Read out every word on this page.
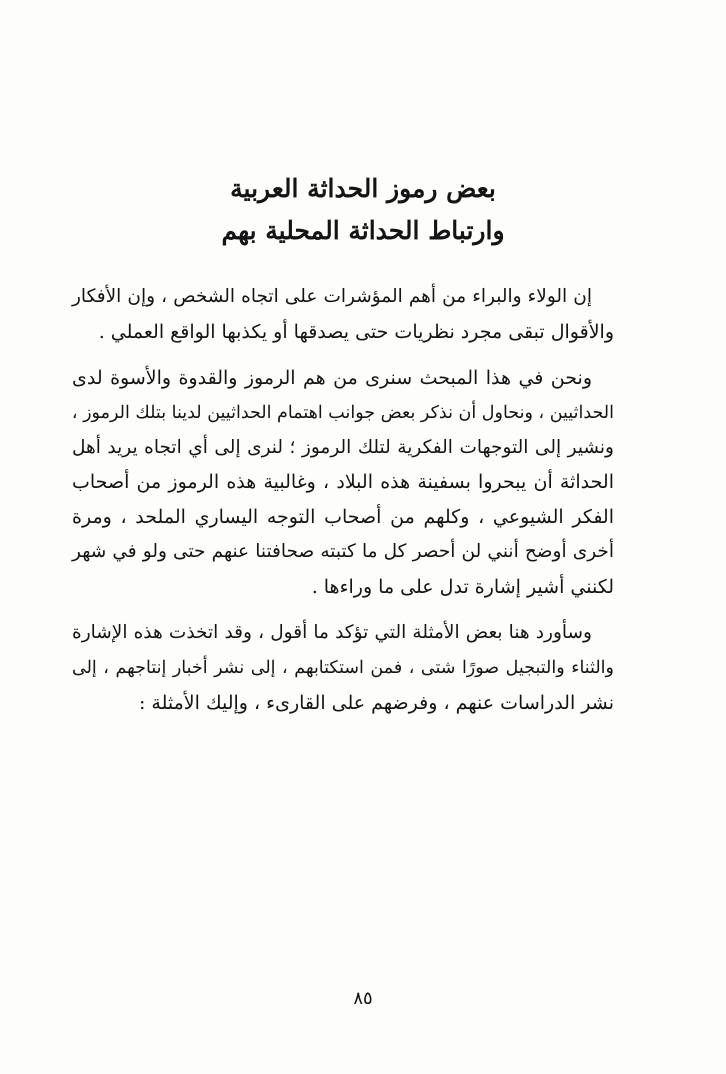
بعض رموز الحداثة العربية
وارتباط الحداثة المحلية بهم
إن الولاء والبراء من أهم المؤشرات على اتجاه الشخص ، وإن الأفكار
والأقوال تبقى مجرد نظريات حتى يصدقها أو يكذبها الواقع العملي .
ونحن في هذا المبحث سنرى من هم الرموز والقدوة والأسوة لدى
الحداثيين ، ونحاول أن نذكر بعض جوانب اهتمام الحداثيين لدينا بتلك الرموز ،
ونشير إلى التوجهات الفكرية لتلك الرموز ؛ لنرى إلى أي اتجاه يريد أهل
الحداثة أن يبحروا بسفينة هذه البلاد ، وغالبية هذه الرموز من أصحاب
الفكر الشيوعي ، وكلهم من أصحاب التوجه اليساري الملحد ، ومرة
أخرى أوضح أنني لن أحصر كل ما كتبته صحافتنا عنهم حتى ولو في شهر
لكنني أشير إشارة تدل على ما وراءها .
وسأورد هنا بعض الأمثلة التي تؤكد ما أقول ، وقد اتخذت هذه الإشارة
والثناء والتبجيل صورًا شتى ، فمن استكتابهم ، إلى نشر أخبار إنتاجهم ، إلى
نشر الدراسات عنهم ، وفرضهم على القارىء ، وإليك الأمثلة :
٨٥
